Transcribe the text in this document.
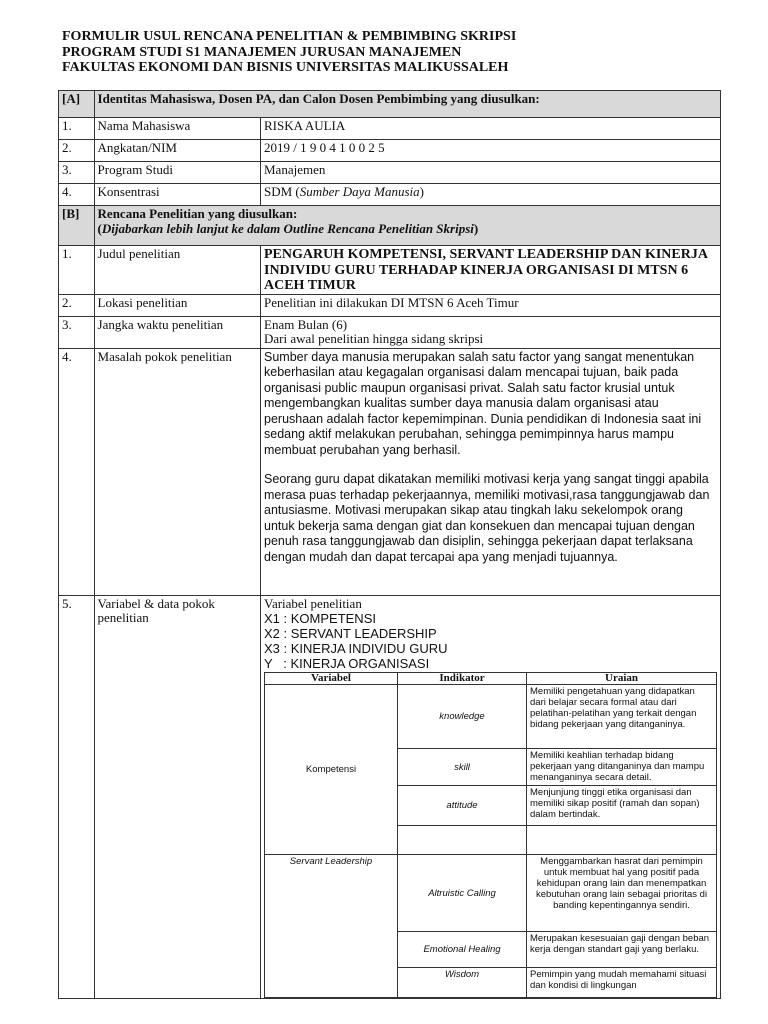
FORMULIR USUL RENCANA PENELITIAN & PEMBIMBING SKRIPSI
PROGRAM STUDI S1 MANAJEMEN JURUSAN MANAJEMEN
FAKULTAS EKONOMI DAN BISNIS UNIVERSITAS MALIKUSSALEH
[A]	Identitas Mahasiswa, Dosen PA, dan Calon Dosen Pembimbing yang diusulkan:
1.	Nama Mahasiswa	RISKA AULIA
2.	Angkatan/NIM	2019 / 1 9 0 4 1 0 0 2 5
3.	Program Studi	Manajemen
4.	Konsentrasi	SDM (Sumber Daya Manusia)
[B]	Rencana Penelitian yang diusulkan:
(Dijabarkan lebih lanjut ke dalam Outline Rencana Penelitian Skripsi)

1.	Judul penelitian	PENGARUH KOMPETENSI, SERVANT LEADERSHIP DAN KINERJA INDIVIDU GURU TERHADAP KINERJA ORGANISASI DI MTSN 6 ACEH TIMUR
2.	Lokasi penelitian	Penelitian ini dilakukan DI MTSN 6 Aceh Timur
3.	Jangka waktu penelitian	Enam Bulan (6)
Dari awal penelitian hingga sidang skripsi

4.	Masalah pokok penelitian	Sumber daya manusia merupakan salah satu factor yang sangat menentukan keberhasilan atau kegagalan organisasi dalam mencapai tujuan, baik pada organisasi public maupun organisasi privat. Salah satu factor krusial untuk mengembangkan kualitas sumber daya manusia dalam organisasi atau perushaan adalah factor kepemimpinan. Dunia pendidikan di Indonesia saat ini sedang aktif melakukan perubahan, sehingga pemimpinnya harus mampu membuat perubahan yang berhasil.

Seorang guru dapat dikatakan memiliki motivasi kerja yang sangat tinggi apabila merasa puas terhadap pekerjaannya, memiliki motivasi,rasa tanggungjawab dan antusiasme. Motivasi merupakan sikap atau tingkah laku sekelompok orang untuk bekerja sama dengan giat dan konsekuen dan mencapai tujuan dengan penuh rasa tanggungjawab dan disiplin, sehingga pekerjaan dapat terlaksana dengan mudah dan dapat tercapai apa yang menjadi tujuannya.

5.	Variabel & data pokok penelitian	
Variabel penelitian
X1 : KOMPETENSI
X2 : SERVANT LEADERSHIP
X3 : KINERJA INDIVIDU GURU
Y   : KINERJA ORGANISASI
Variabel	Indikator	Uraian
Kompetensi	knowledge	Memiliki pengetahuan yang didapatkan dari belajar secara formal atau dari pelatihan-pelatihan yang terkait dengan bidang pekerjaan yang ditanganinya.
skill	Memiliki keahlian terhadap bidang pekerjaan yang ditanganinya dan mampu menanganinya secara detail.
attitude	Menjunjung tinggi etika organisasi dan memiliki sikap positif (ramah dan sopan) dalam bertindak.

Servant Leadership	Altruistic Calling	Menggambarkan hasrat dari pemimpin untuk membuat hal yang positif pada kehidupan orang lain dan menempatkan kebutuhan orang lain sebagai prioritas di banding kepentingannya sendiri.
Emotional Healing	Merupakan kesesuaian gaji dengan beban kerja dengan standart gaji yang berlaku.
Wisdom	Pemimpin yang mudah memahami situasi dan kondisi di lingkungan
